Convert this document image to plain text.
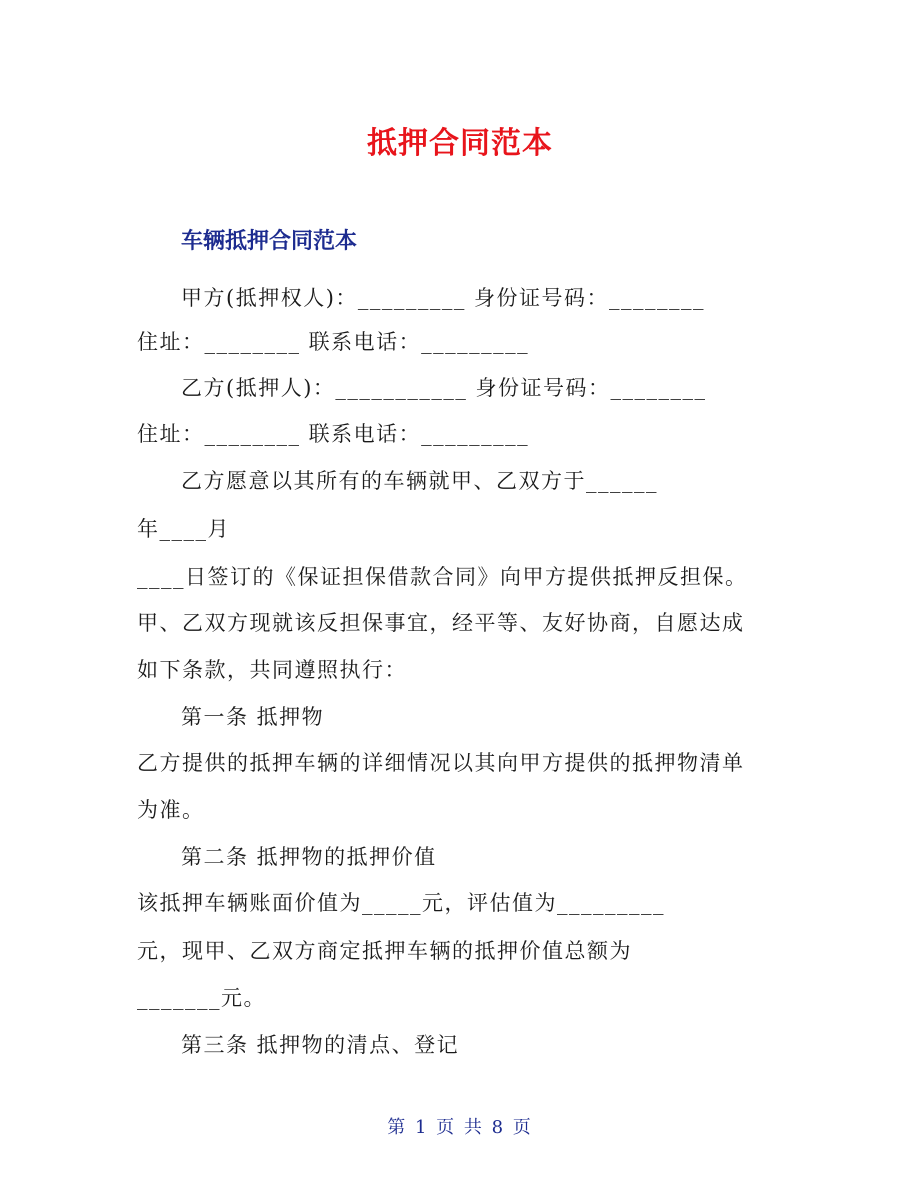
抵押合同范本
车辆抵押合同范本
甲方(抵押权人)：_________ 身份证号码：________
住址：________ 联系电话：_________
乙方(抵押人)：___________ 身份证号码：________
住址：________ 联系电话：_________
乙方愿意以其所有的车辆就甲、乙双方于______
年____月
____日签订的《保证担保借款合同》向甲方提供抵押反担保。
甲、乙双方现就该反担保事宜，经平等、友好协商，自愿达成
如下条款，共同遵照执行：
第一条 抵押物
乙方提供的抵押车辆的详细情况以其向甲方提供的抵押物清单
为准。
第二条 抵押物的抵押价值
该抵押车辆账面价值为_____元，评估值为_________
元，现甲、乙双方商定抵押车辆的抵押价值总额为
_______元。
第三条 抵押物的清点、登记
第 1 页 共 8 页
